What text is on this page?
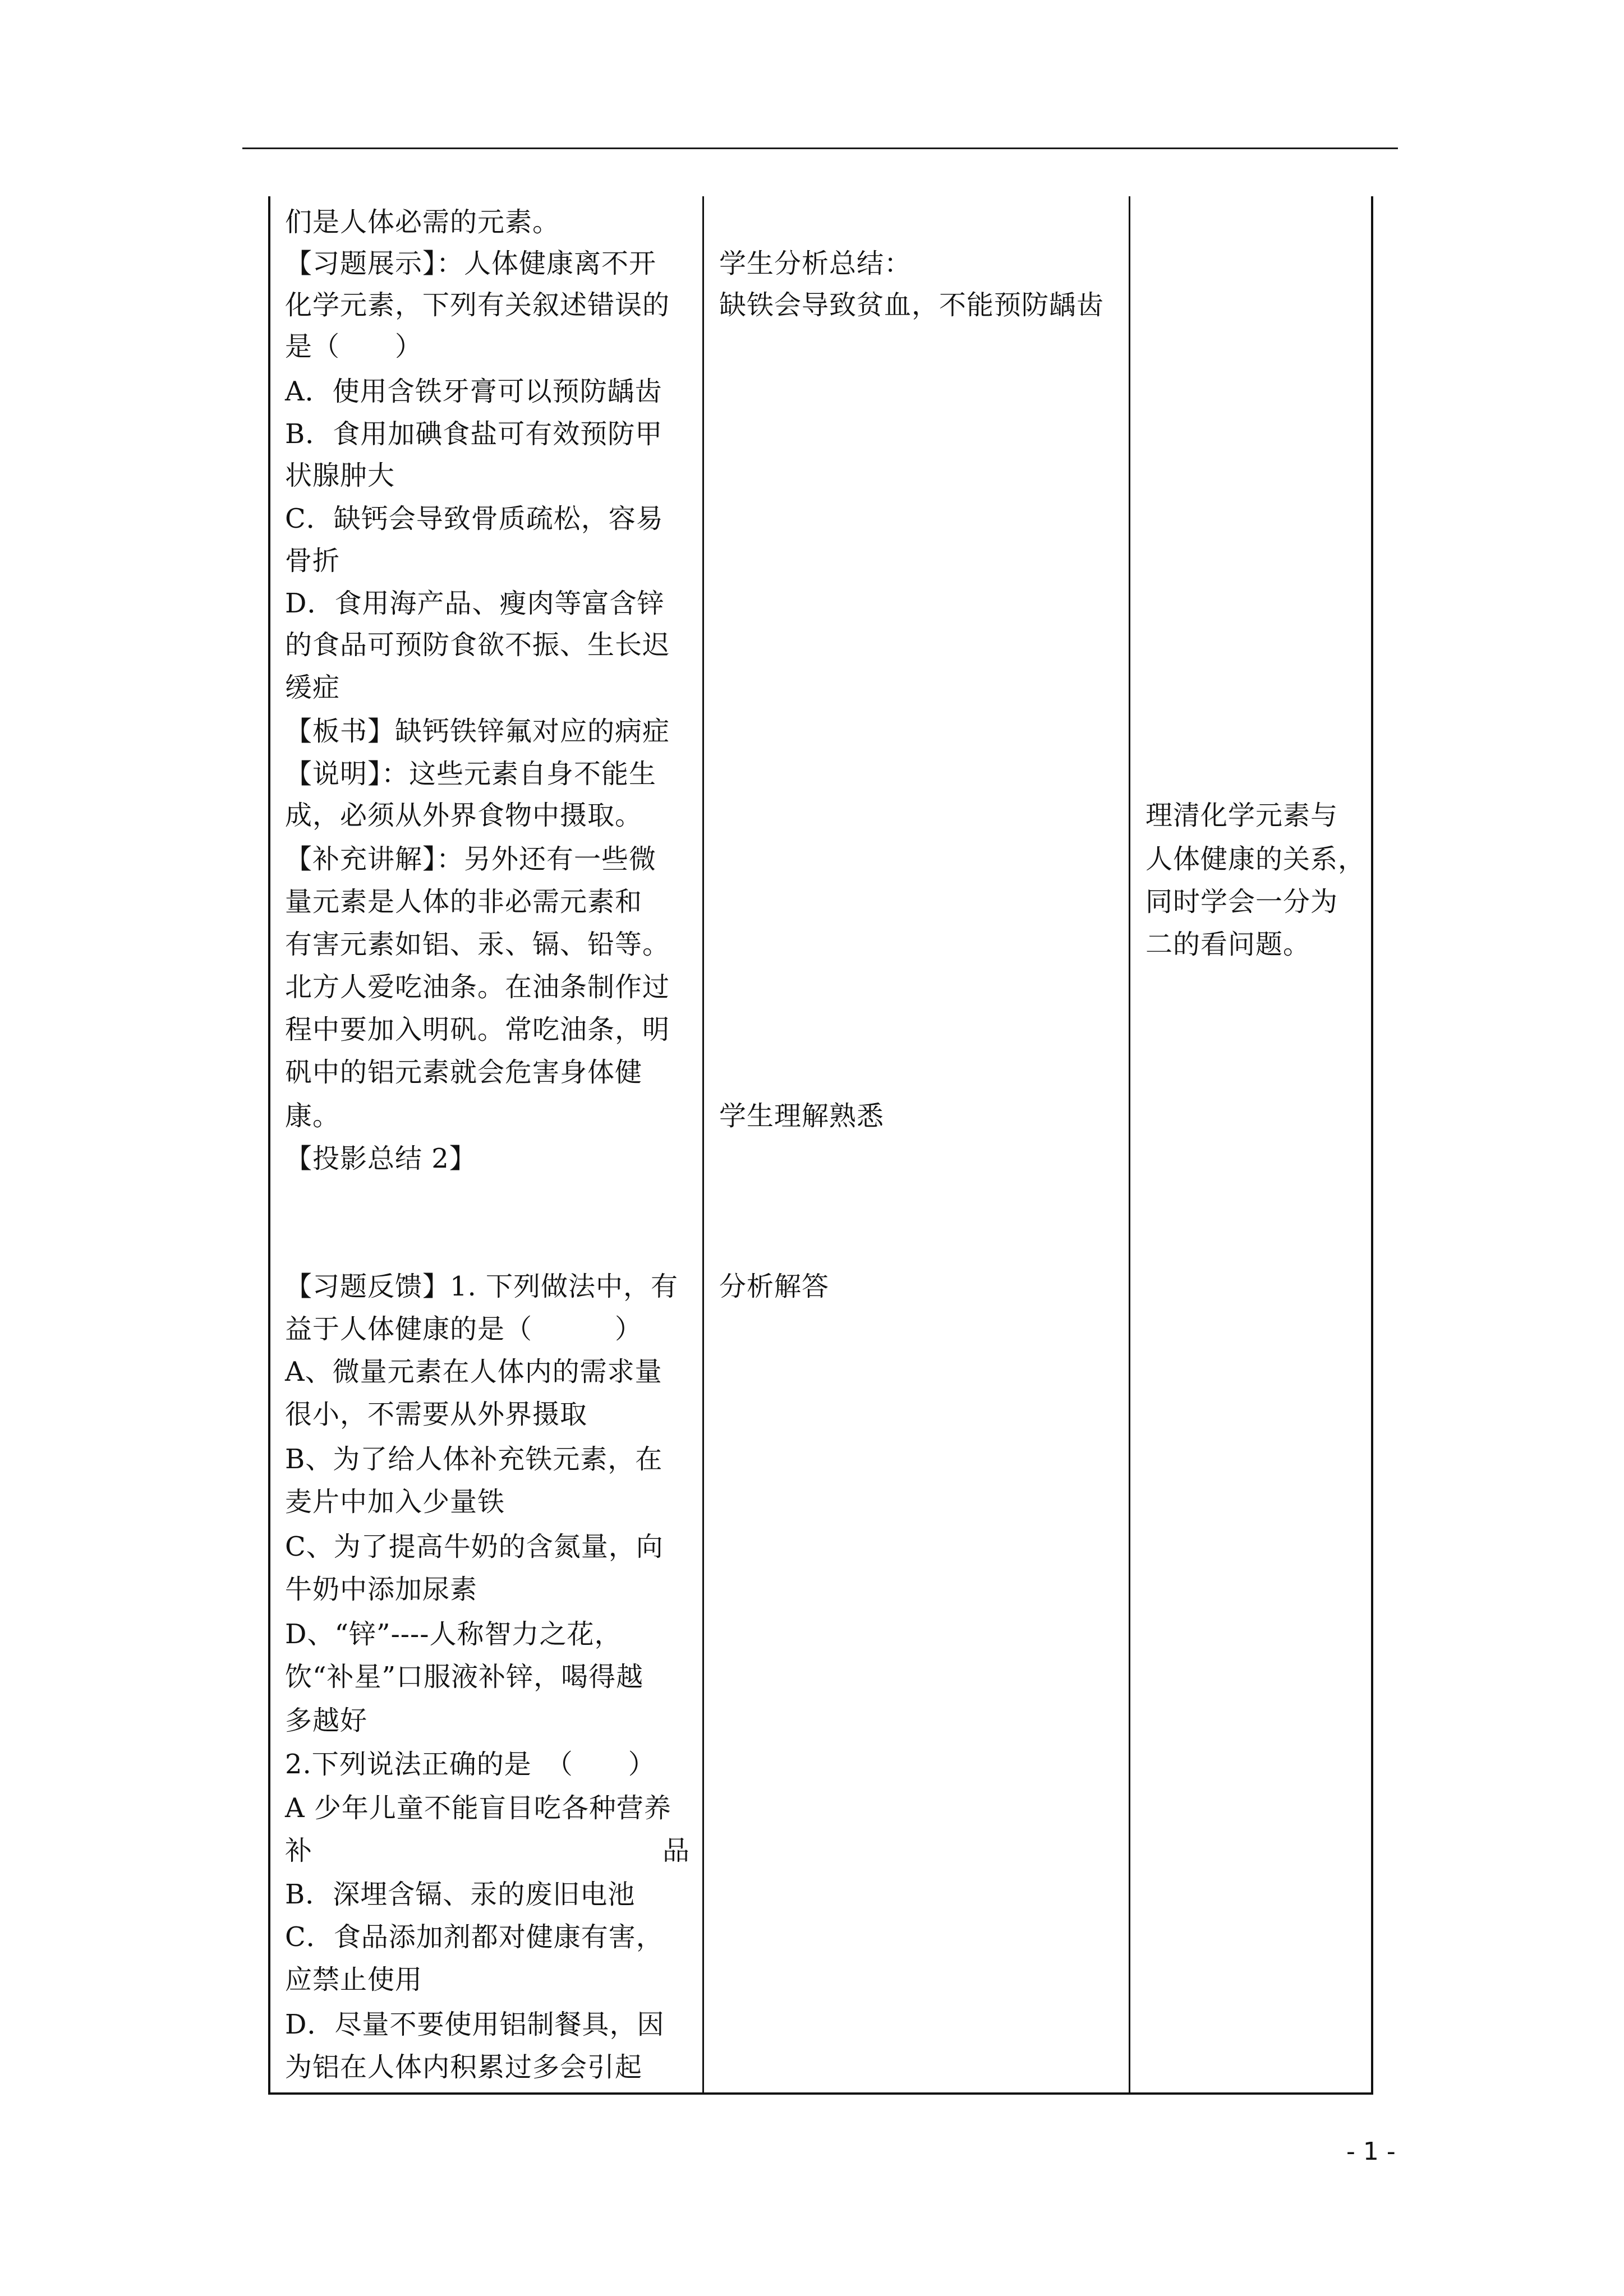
们是人体必需的元素。
【习题展示】：人体健康离不开
化学元素，下列有关叙述错误的
是（　　）
A．使用含铁牙膏可以预防龋齿
B．食用加碘食盐可有效预防甲
状腺肿大
C．缺钙会导致骨质疏松，容易
骨折
D．食用海产品、瘦肉等富含锌
的食品可预防食欲不振、生长迟
缓症
【板书】缺钙铁锌氟对应的病症
【说明】：这些元素自身不能生
成，必须从外界食物中摄取。
【补充讲解】：另外还有一些微
量元素是人体的非必需元素和
有害元素如铝、汞、镉、铅等。
北方人爱吃油条。在油条制作过
程中要加入明矾。常吃油条，明
矾中的铝元素就会危害身体健
康。
【投影总结 2】
【习题反馈】1. 下列做法中，有
益于人体健康的是（　　　）
A、微量元素在人体内的需求量
很小，不需要从外界摄取
B、为了给人体补充铁元素，在
麦片中加入少量铁
C、为了提高牛奶的含氮量，向
牛奶中添加尿素
D、“锌”----人称智力之花，
饮“补星”口服液补锌，喝得越
多越好
2.下列说法正确的是　（　　）
A 少年儿童不能盲目吃各种营养
补	品
B．深埋含镉、汞的废旧电池
C．食品添加剂都对健康有害，
应禁止使用
D．尽量不要使用铝制餐具，因
为铝在人体内积累过多会引起
学生分析总结：
缺铁会导致贫血，不能预防龋齿
学生理解熟悉
分析解答
理清化学元素与
人体健康的关系，
同时学会一分为
二的看问题。
- 1 -
